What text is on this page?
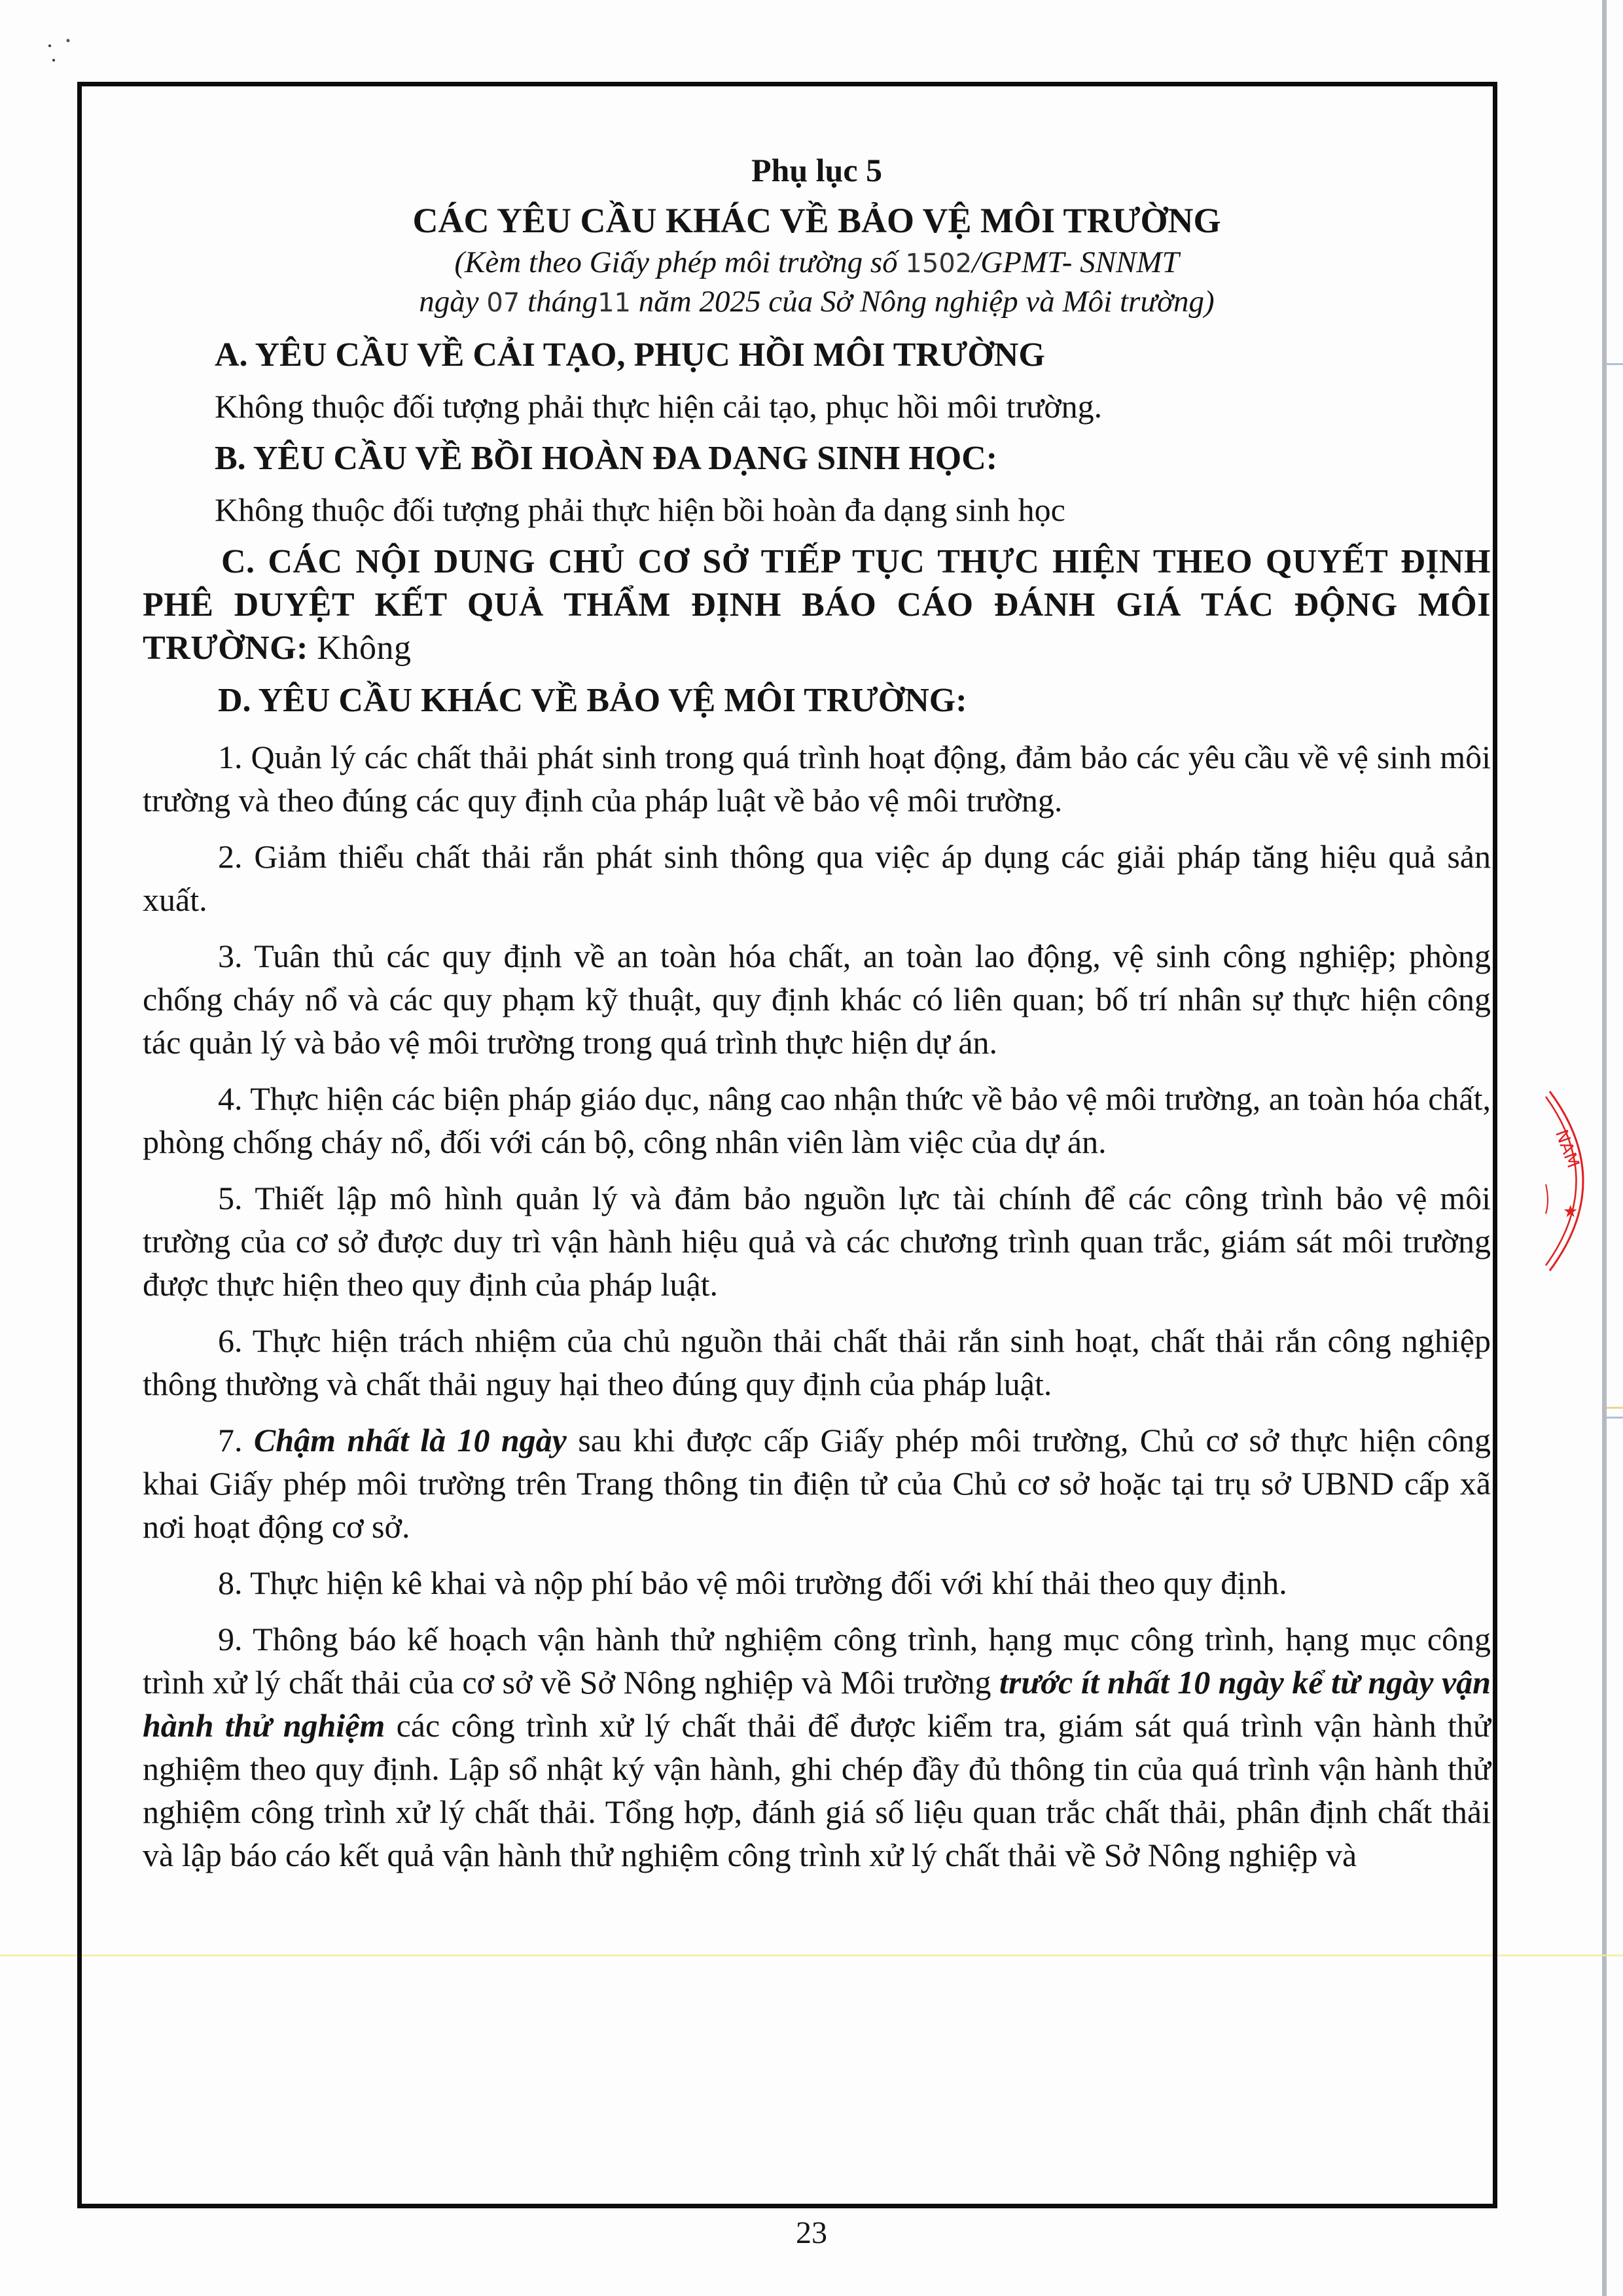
NAM
★
Phụ lục 5
CÁC YÊU CẦU KHÁC VỀ BẢO VỆ MÔI TRƯỜNG
(Kèm theo Giấy phép môi trường số 1502/GPMT- SNNMT
ngày 07 tháng11 năm 2025 của Sở Nông nghiệp và Môi trường)
A. YÊU CẦU VỀ CẢI TẠO, PHỤC HỒI MÔI TRƯỜNG
Không thuộc đối tượng phải thực hiện cải tạo, phục hồi môi trường.
B. YÊU CẦU VỀ BỒI HOÀN ĐA DẠNG SINH HỌC:
Không thuộc đối tượng phải thực hiện bồi hoàn đa dạng sinh học
C. CÁC NỘI DUNG CHỦ CƠ SỞ TIẾP TỤC THỰC HIỆN THEO QUYẾT ĐỊNH PHÊ DUYỆT KẾT QUẢ THẨM ĐỊNH BÁO CÁO ĐÁNH GIÁ TÁC ĐỘNG MÔI TRƯỜNG: Không
D. YÊU CẦU KHÁC VỀ BẢO VỆ MÔI TRƯỜNG:
1. Quản lý các chất thải phát sinh trong quá trình hoạt động, đảm bảo các yêu cầu về vệ sinh môi trường và theo đúng các quy định của pháp luật về bảo vệ môi trường.
2. Giảm thiểu chất thải rắn phát sinh thông qua việc áp dụng các giải pháp tăng hiệu quả sản xuất.
3. Tuân thủ các quy định về an toàn hóa chất, an toàn lao động, vệ sinh công nghiệp; phòng chống cháy nổ và các quy phạm kỹ thuật, quy định khác có liên quan; bố trí nhân sự thực hiện công tác quản lý và bảo vệ môi trường trong quá trình thực hiện dự án.
4. Thực hiện các biện pháp giáo dục, nâng cao nhận thức về bảo vệ môi trường, an toàn hóa chất, phòng chống cháy nổ, đối với cán bộ, công nhân viên làm việc của dự án.
5. Thiết lập mô hình quản lý và đảm bảo nguồn lực tài chính để các công trình bảo vệ môi trường của cơ sở được duy trì vận hành hiệu quả và các chương trình quan trắc, giám sát môi trường được thực hiện theo quy định của pháp luật.
6. Thực hiện trách nhiệm của chủ nguồn thải chất thải rắn sinh hoạt, chất thải rắn công nghiệp thông thường và chất thải nguy hại theo đúng quy định của pháp luật.
7. Chậm nhất là 10 ngày sau khi được cấp Giấy phép môi trường, Chủ cơ sở thực hiện công khai Giấy phép môi trường trên Trang thông tin điện tử của Chủ cơ sở hoặc tại trụ sở UBND cấp xã nơi hoạt động cơ sở.
8. Thực hiện kê khai và nộp phí bảo vệ môi trường đối với khí thải theo quy định.
9. Thông báo kế hoạch vận hành thử nghiệm công trình, hạng mục công trình, hạng mục công trình xử lý chất thải của cơ sở về Sở Nông nghiệp và Môi trường trước ít nhất 10 ngày kể từ ngày vận hành thử nghiệm các công trình xử lý chất thải để được kiểm tra, giám sát quá trình vận hành thử nghiệm theo quy định. Lập sổ nhật ký vận hành, ghi chép đầy đủ thông tin của quá trình vận hành thử nghiệm công trình xử lý chất thải. Tổng hợp, đánh giá số liệu quan trắc chất thải, phân định chất thải và lập báo cáo kết quả vận hành thử nghiệm công trình xử lý chất thải về Sở Nông nghiệp và
23
